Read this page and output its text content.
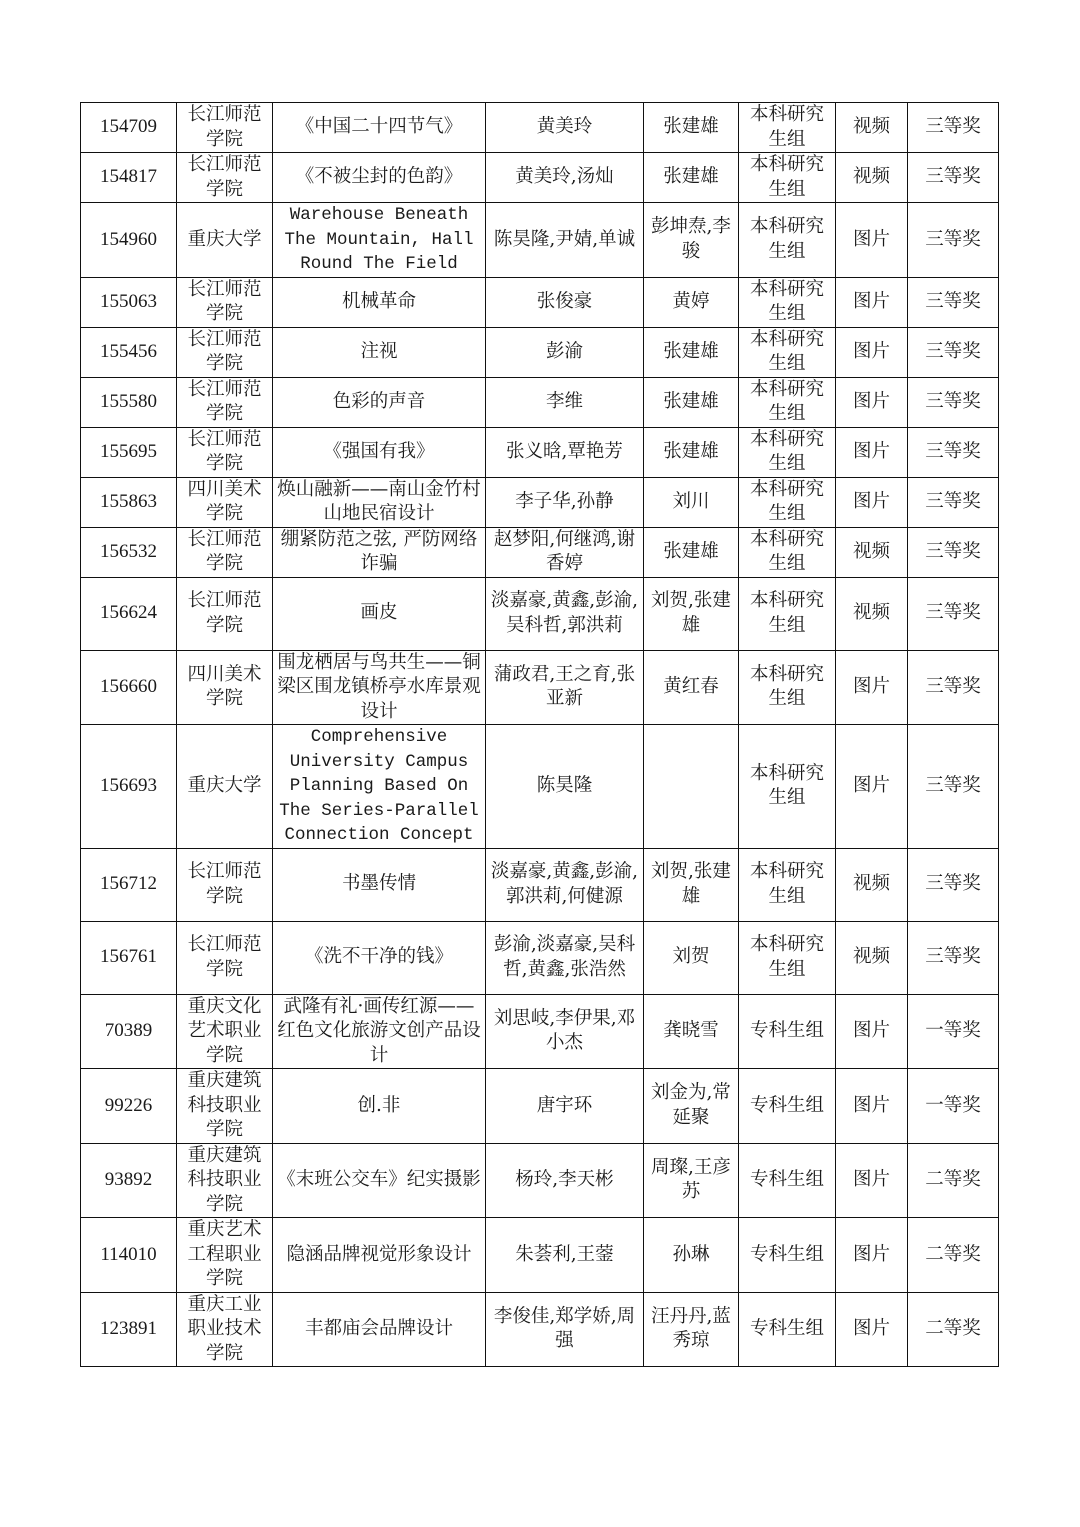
154709	长江师范学院	《中国二十四节气》	黄美玲	张建雄	本科研究生组	视频	三等奖
154817	长江师范学院	《不被尘封的色韵》	黄美玲,汤灿	张建雄	本科研究生组	视频	三等奖
154960	重庆大学	Warehouse Beneath The Mountain, Hall Round The Field	陈昊隆,尹婧,单诚	彭坤焘,李骏	本科研究生组	图片	三等奖
155063	长江师范学院	机械革命	张俊豪	黄婷	本科研究生组	图片	三等奖
155456	长江师范学院	注视	彭渝	张建雄	本科研究生组	图片	三等奖
155580	长江师范学院	色彩的声音	李维	张建雄	本科研究生组	图片	三等奖
155695	长江师范学院	《强国有我》	张义晗,覃艳芳	张建雄	本科研究生组	图片	三等奖
155863	四川美术学院	焕山融新——南山金竹村山地民宿设计	李子华,孙静	刘川	本科研究生组	图片	三等奖
156532	长江师范学院	绷紧防范之弦, 严防网络诈骗	赵梦阳,何继鸿,谢香婷	张建雄	本科研究生组	视频	三等奖
156624	长江师范学院	画皮	淡嘉豪,黄鑫,彭渝,吴科哲,郭洪莉	刘贺,张建雄	本科研究生组	视频	三等奖
156660	四川美术学院	围龙栖居与鸟共生——铜梁区围龙镇桥亭水库景观设计	蒲政君,王之育,张亚新	黄红春	本科研究生组	图片	三等奖
156693	重庆大学	Comprehensive University Campus Planning Based On The Series-Parallel Connection Concept	陈昊隆		本科研究生组	图片	三等奖
156712	长江师范学院	书墨传情	淡嘉豪,黄鑫,彭渝,郭洪莉,何健源	刘贺,张建雄	本科研究生组	视频	三等奖
156761	长江师范学院	《洗不干净的钱》	彭渝,淡嘉豪,吴科哲,黄鑫,张浩然	刘贺	本科研究生组	视频	三等奖
70389	重庆文化艺术职业学院	武隆有礼·画传红源——红色文化旅游文创产品设计	刘思岐,李伊果,邓小杰	龚晓雪	专科生组	图片	一等奖
99226	重庆建筑科技职业学院	创.非	唐宇环	刘金为,常延聚	专科生组	图片	一等奖
93892	重庆建筑科技职业学院	《末班公交车》纪实摄影	杨玲,李天彬	周璨,王彦苏	专科生组	图片	二等奖
114010	重庆艺术工程职业学院	隐涵品牌视觉形象设计	朱荟利,王蓥	孙琳	专科生组	图片	二等奖
123891	重庆工业职业技术学院	丰都庙会品牌设计	李俊佳,郑学娇,周强	汪丹丹,蓝秀琼	专科生组	图片	二等奖
